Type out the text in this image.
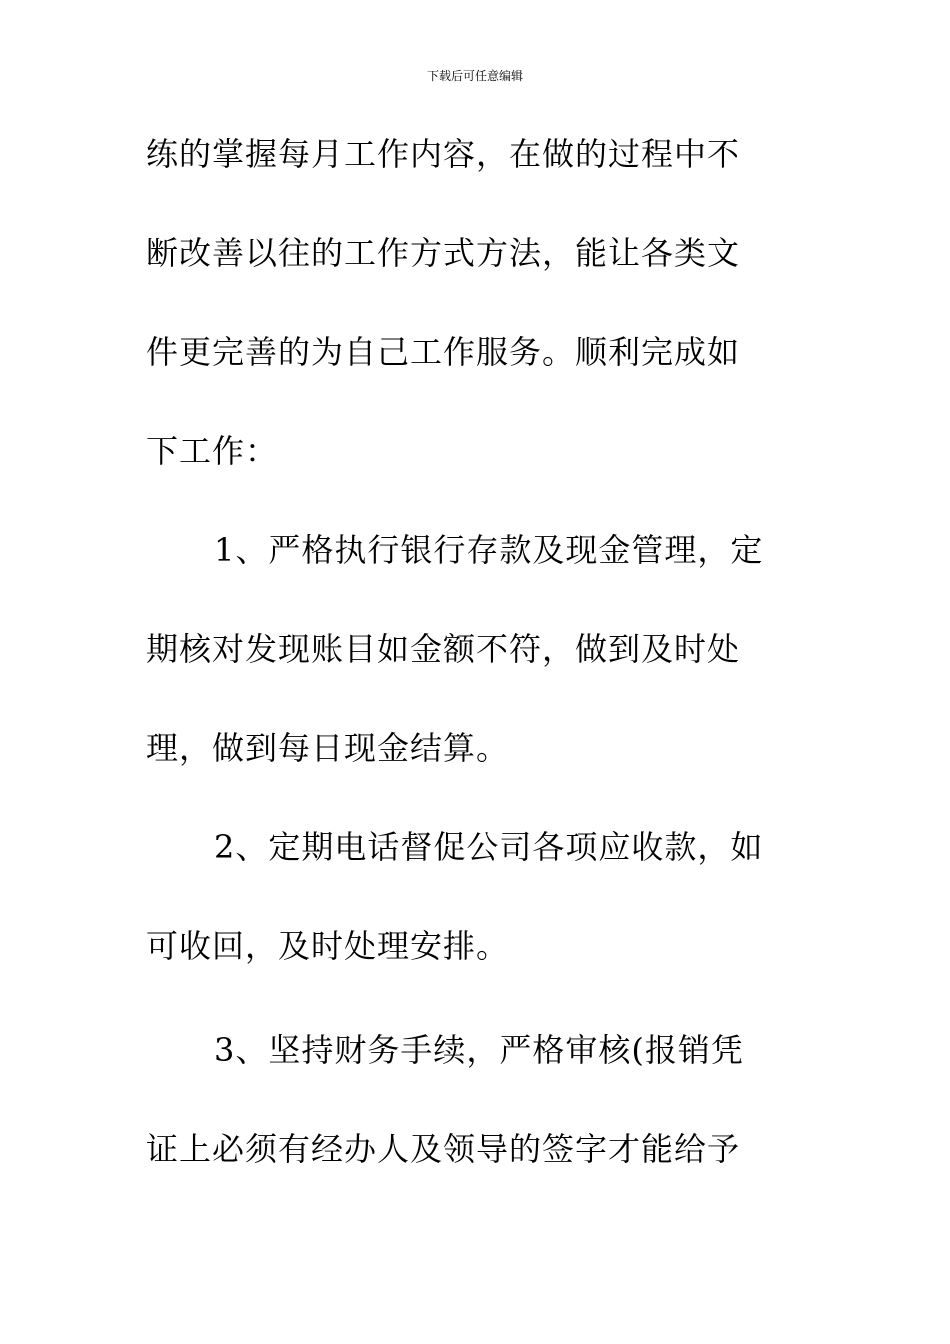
下载后可任意编辑
练的掌握每月工作内容，在做的过程中不
断改善以往的工作方式方法，能让各类文
件更完善的为自己工作服务。顺利完成如
下工作：
1、严格执行银行存款及现金管理，定
期核对发现账目如金额不符，做到及时处
理，做到每日现金结算。
2、定期电话督促公司各项应收款，如
可收回，及时处理安排。
3、坚持财务手续，严格审核(报销凭
证上必须有经办人及领导的签字才能给予
